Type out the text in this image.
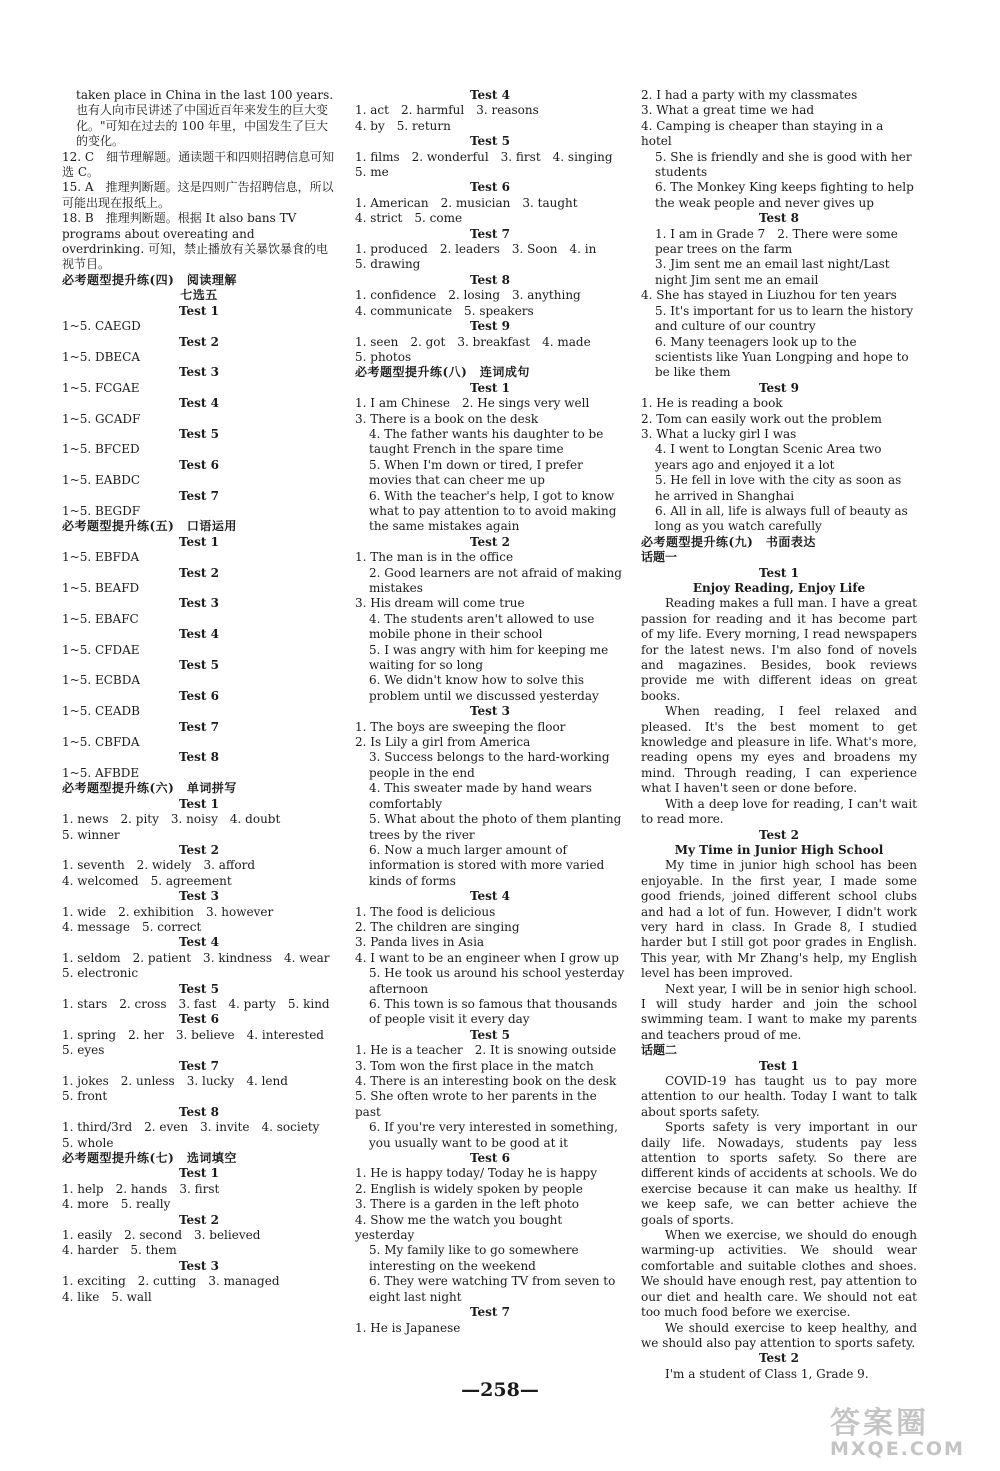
taken place in China in the last 100 years.
也有人向市民讲述了中国近百年来发生的巨大变化。"可知在过去的 100 年里，中国发生了巨大的变化。
12. C　细节理解题。通读题干和四则招聘信息可知选 C。
15. A　推理判断题。这是四则广告招聘信息，所以可能出现在报纸上。
18. B　推理判断题。根据 It also bans TV programs about overeating and overdrinking. 可知，禁止播放有关暴饮暴食的电视节目。
必考题型提升练(四)　阅读理解
七选五
Test 1
1~5. CAEGD
Test 2
1~5. DBECA
Test 3
1~5. FCGAE
Test 4
1~5. GCADF
Test 5
1~5. BFCED
Test 6
1~5. EABDC
Test 7
1~5. BEGDF
必考题型提升练(五)　口语运用
Test 1
1~5. EBFDA
Test 2
1~5. BEAFD
Test 3
1~5. EBAFC
Test 4
1~5. CFDAE
Test 5
1~5. ECBDA
Test 6
1~5. CEADB
Test 7
1~5. CBFDA
Test 8
1~5. AFBDE
必考题型提升练(六)　单词拼写
Test 1
1. news　2. pity　3. noisy　4. doubt
5. winner
Test 2
1. seventh　2. widely　3. afford
4. welcomed　5. agreement
Test 3
1. wide　2. exhibition　3. however
4. message　5. correct
Test 4
1. seldom　2. patient　3. kindness　4. wear
5. electronic
Test 5
1. stars　2. cross　3. fast　4. party　5. kind
Test 6
1. spring　2. her　3. believe　4. interested
5. eyes
Test 7
1. jokes　2. unless　3. lucky　4. lend
5. front
Test 8
1. third/3rd　2. even　3. invite　4. society
5. whole
必考题型提升练(七)　选词填空
Test 1
1. help　2. hands　3. first
4. more　5. really
Test 2
1. easily　2. second　3. believed
4. harder　5. them
Test 3
1. exciting　2. cutting　3. managed
4. like　5. wall
Test 4
1. act　2. harmful　3. reasons
4. by　5. return
Test 5
1. films　2. wonderful　3. first　4. singing
5. me
Test 6
1. American　2. musician　3. taught
4. strict　5. come
Test 7
1. produced　2. leaders　3. Soon　4. in
5. drawing
Test 8
1. confidence　2. losing　3. anything
4. communicate　5. speakers
Test 9
1. seen　2. got　3. breakfast　4. made
5. photos
必考题型提升练(八)　连词成句
Test 1
1. I am Chinese　2. He sings very well
3. There is a book on the desk
4. The father wants his daughter to be taught French in the spare time
5. When I'm down or tired, I prefer movies that can cheer me up
6. With the teacher's help, I got to know what to pay attention to to avoid making the same mistakes again
Test 2
1. The man is in the office
2. Good learners are not afraid of making mistakes
3. His dream will come true
4. The students aren't allowed to use mobile phone in their school
5. I was angry with him for keeping me waiting for so long
6. We didn't know how to solve this problem until we discussed yesterday
Test 3
1. The boys are sweeping the floor
2. Is Lily a girl from America
3. Success belongs to the hard-working people in the end
4. This sweater made by hand wears comfortably
5. What about the photo of them planting trees by the river
6. Now a much larger amount of information is stored with more varied kinds of forms
Test 4
1. The food is delicious
2. The children are singing
3. Panda lives in Asia
4. I want to be an engineer when I grow up
5. He took us around his school yesterday afternoon
6. This town is so famous that thousands of people visit it every day
Test 5
1. He is a teacher　2. It is snowing outside
3. Tom won the first place in the match
4. There is an interesting book on the desk
5. She often wrote to her parents in the past
6. If you're very interested in something, you usually want to be good at it
Test 6
1. He is happy today/ Today he is happy
2. English is widely spoken by people
3. There is a garden in the left photo
4. Show me the watch you bought yesterday
5. My family like to go somewhere interesting on the weekend
6. They were watching TV from seven to eight last night
Test 7
1. He is Japanese
2. I had a party with my classmates
3. What a great time we had
4. Camping is cheaper than staying in a hotel
5. She is friendly and she is good with her students
6. The Monkey King keeps fighting to help the weak people and never gives up
Test 8
1. I am in Grade 7　2. There were some pear trees on the farm
3. Jim sent me an email last night/Last night Jim sent me an email
4. She has stayed in Liuzhou for ten years
5. It's important for us to learn the history and culture of our country
6. Many teenagers look up to the scientists like Yuan Longping and hope to be like them
Test 9
1. He is reading a book
2. Tom can easily work out the problem
3. What a lucky girl I was
4. I went to Longtan Scenic Area two years ago and enjoyed it a lot
5. He fell in love with the city as soon as he arrived in Shanghai
6. All in all, life is always full of beauty as long as you watch carefully
必考题型提升练(九)　书面表达
话题一
Test 1
Enjoy Reading, Enjoy Life
Reading makes a full man. I have a great passion for reading and it has become part of my life. Every morning, I read newspapers for the latest news. I'm also fond of novels and magazines. Besides, book reviews provide me with different ideas on great books.
When reading, I feel relaxed and pleased. It's the best moment to get knowledge and pleasure in life. What's more, reading opens my eyes and broadens my mind. Through reading, I can experience what I haven't seen or done before.
With a deep love for reading, I can't wait to read more.
Test 2
My Time in Junior High School
My time in junior high school has been enjoyable. In the first year, I made some good friends, joined different school clubs and had a lot of fun. However, I didn't work very hard in class. In Grade 8, I studied harder but I still got poor grades in English. This year, with Mr Zhang's help, my English level has been improved.
Next year, I will be in senior high school. I will study harder and join the school swimming team. I want to make my parents and teachers proud of me.
话题二
Test 1
COVID-19 has taught us to pay more attention to our health. Today I want to talk about sports safety.
Sports safety is very important in our daily life. Nowadays, students pay less attention to sports safety. So there are different kinds of accidents at schools. We do exercise because it can make us healthy. If we keep safe, we can better achieve the goals of sports.
When we exercise, we should do enough warming-up activities. We should wear comfortable and suitable clothes and shoes. We should have enough rest, pay attention to our diet and health care. We should not eat too much food before we exercise.
We should exercise to keep healthy, and we should also pay attention to sports safety.
Test 2
I'm a student of Class 1, Grade 9.
—258—
答案圈
MXQE.COM
